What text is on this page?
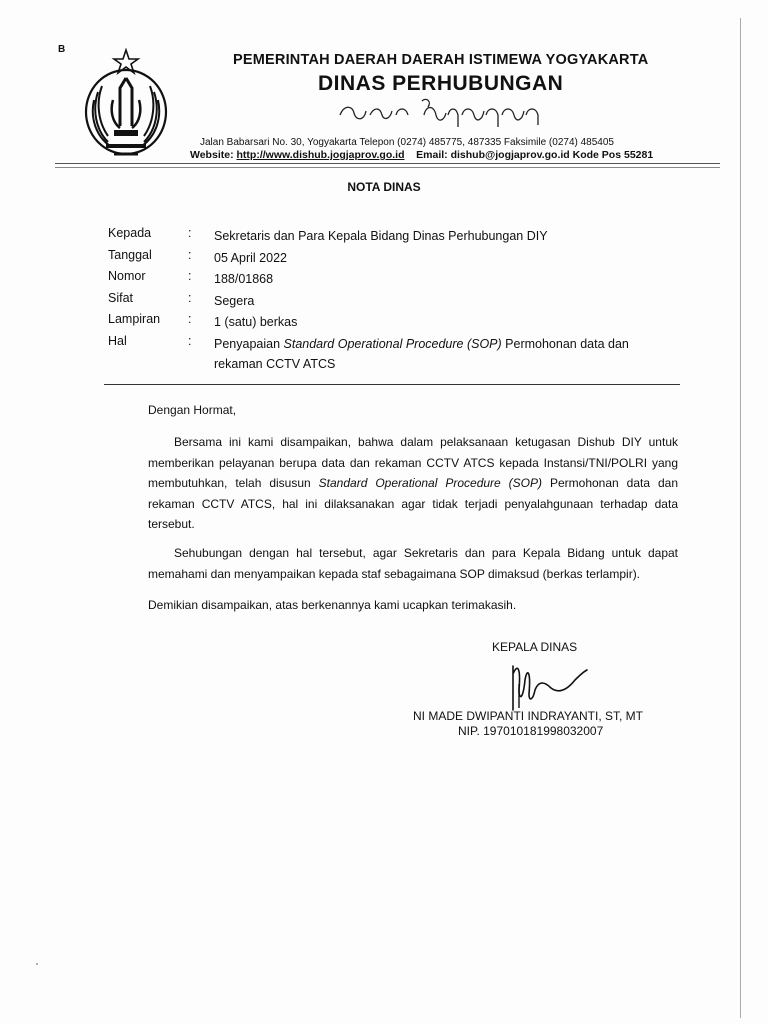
B
PEMERINTAH DAERAH DAERAH ISTIMEWA YOGYAKARTA
DINAS PERHUBUNGAN
Jalan Babarsari No. 30, Yogyakarta Telepon (0274) 485775, 487335 Faksimile (0274) 485405
Website: http://www.dishub.jogjaprov.go.id Email: dishub@jogjaprov.go.id Kode Pos 55281
NOTA DINAS
Kepada	: Sekretaris dan Para Kepala Bidang Dinas Perhubungan DIY
Tanggal	: 05 April 2022
Nomor	: 188/01868
Sifat	: Segera
Lampiran : 1 (satu) berkas
Hal	: Penyapaian Standard Operational Procedure (SOP) Permohonan data dan rekaman CCTV ATCS
Dengan Hormat,
Bersama ini kami disampaikan, bahwa dalam pelaksanaan ketugasan Dishub DIY untuk memberikan pelayanan berupa data dan rekaman CCTV ATCS kepada Instansi/TNI/POLRI yang membutuhkan, telah disusun Standard Operational Procedure (SOP) Permohonan data dan rekaman CCTV ATCS, hal ini dilaksanakan agar tidak terjadi penyalahgunaan terhadap data tersebut.
Sehubungan dengan hal tersebut, agar Sekretaris dan para Kepala Bidang untuk dapat memahami dan menyampaikan kepada staf sebagaimana SOP dimaksud (berkas terlampir).
Demikian disampaikan, atas berkenannya kami ucapkan terimakasih.
KEPALA DINAS
NI MADE DWIPANTI INDRAYANTI, ST, MT
NIP. 197010181998032007
